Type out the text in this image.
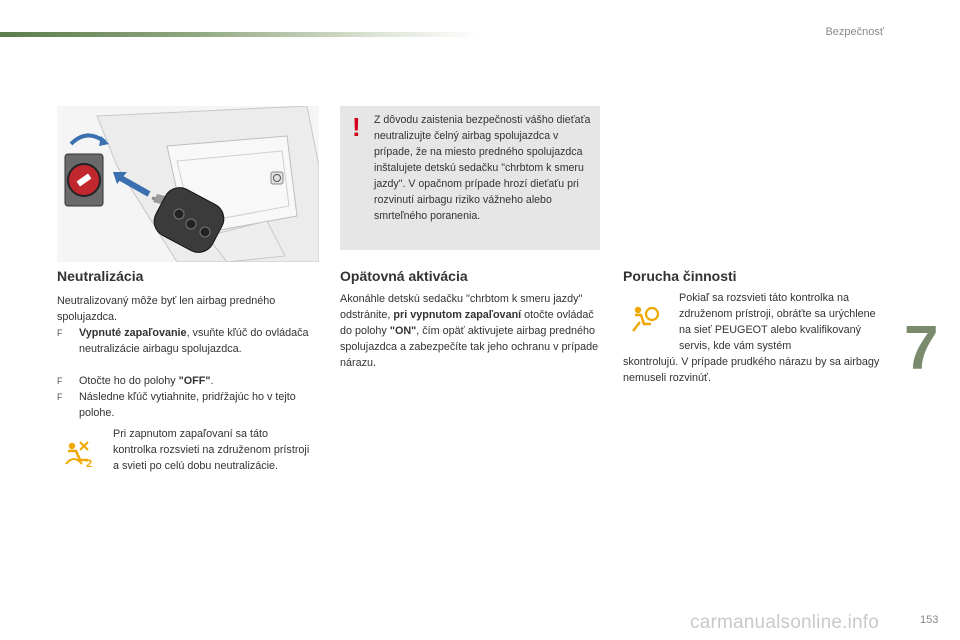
Bezpečnosť
! Z dôvodu zaistenia bezpečnosti vášho dieťaťa neutralizujte čelný airbag spolujazdca v prípade, že na miesto predného spolujazdca inštalujete detskú sedačku "chrbtom k smeru jazdy". V opačnom prípade hrozí dieťaťu pri rozvinutí airbagu riziko vážneho alebo smrteľného poranenia.
Neutralizácia
Neutralizovaný môže byť len airbag predného spolujazdca.
F Vypnuté zapaľovanie, vsuňte kľúč do ovládača neutralizácie airbagu spolujazdca.
F Otočte ho do polohy "OFF".
F Následne kľúč vytiahnite, pridŕžajúc ho v tejto polohe.
2
Pri zapnutom zapaľovaní sa táto kontrolka rozsvieti na združenom prístroji a svieti po celú dobu neutralizácie.
Opätovná aktivácia
Akonáhle detskú sedačku "chrbtom k smeru jazdy" odstránite, pri vypnutom zapaľovaní otočte ovládač do polohy "ON", čím opäť aktivujete airbag predného spolujazdca a zabezpečíte tak jeho ochranu v prípade nárazu.
Porucha činnosti
Pokiaľ sa rozsvieti táto kontrolka na združenom prístroji, obráťte sa urýchlene na sieť PEUGEOT alebo kvalifikovaný servis, kde vám systém
skontrolujú. V prípade prudkého nárazu by sa airbagy nemuseli rozvinúť.	7
carmanualsonline.info	153
